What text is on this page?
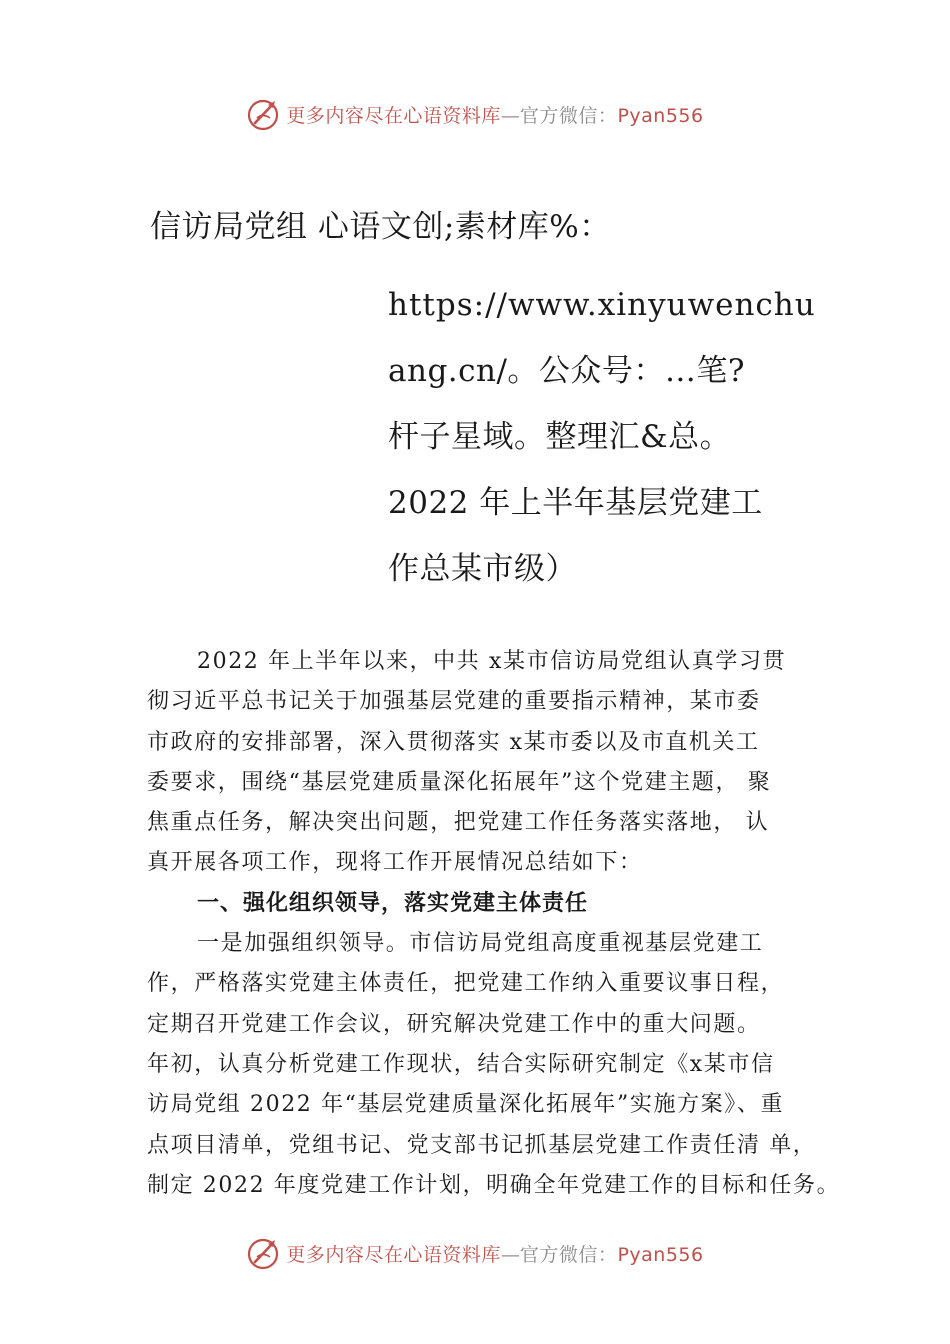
更多内容尽在心语资料库—官方微信：Pyan556
信访局党组 心语文创;素材库%：
https://www.xinyuwenchu
ang.cn/。公众号：…笔?
杆子星域。整理汇&总。
2022 年上半年基层党建工
作总某市级）
2022 年上半年以来，中共 x某市信访局党组认真学习贯
彻习近平总书记关于加强基层党建的重要指示精神，某市委
市政府的安排部署，深入贯彻落实 x某市委以及市直机关工
委要求，围绕“基层党建质量深化拓展年”这个党建主题， 聚
焦重点任务，解决突出问题，把党建工作任务落实落地， 认
真开展各项工作，现将工作开展情况总结如下：
一、强化组织领导，落实党建主体责任
一是加强组织领导。市信访局党组高度重视基层党建工
作，严格落实党建主体责任，把党建工作纳入重要议事日程，
定期召开党建工作会议，研究解决党建工作中的重大问题。
年初，认真分析党建工作现状，结合实际研究制定《x某市信
访局党组 2022 年“基层党建质量深化拓展年”实施方案》、重
点项目清单，党组书记、党支部书记抓基层党建工作责任清 单，
制定 2022 年度党建工作计划，明确全年党建工作的目标和任务。
更多内容尽在心语资料库—官方微信：Pyan556
